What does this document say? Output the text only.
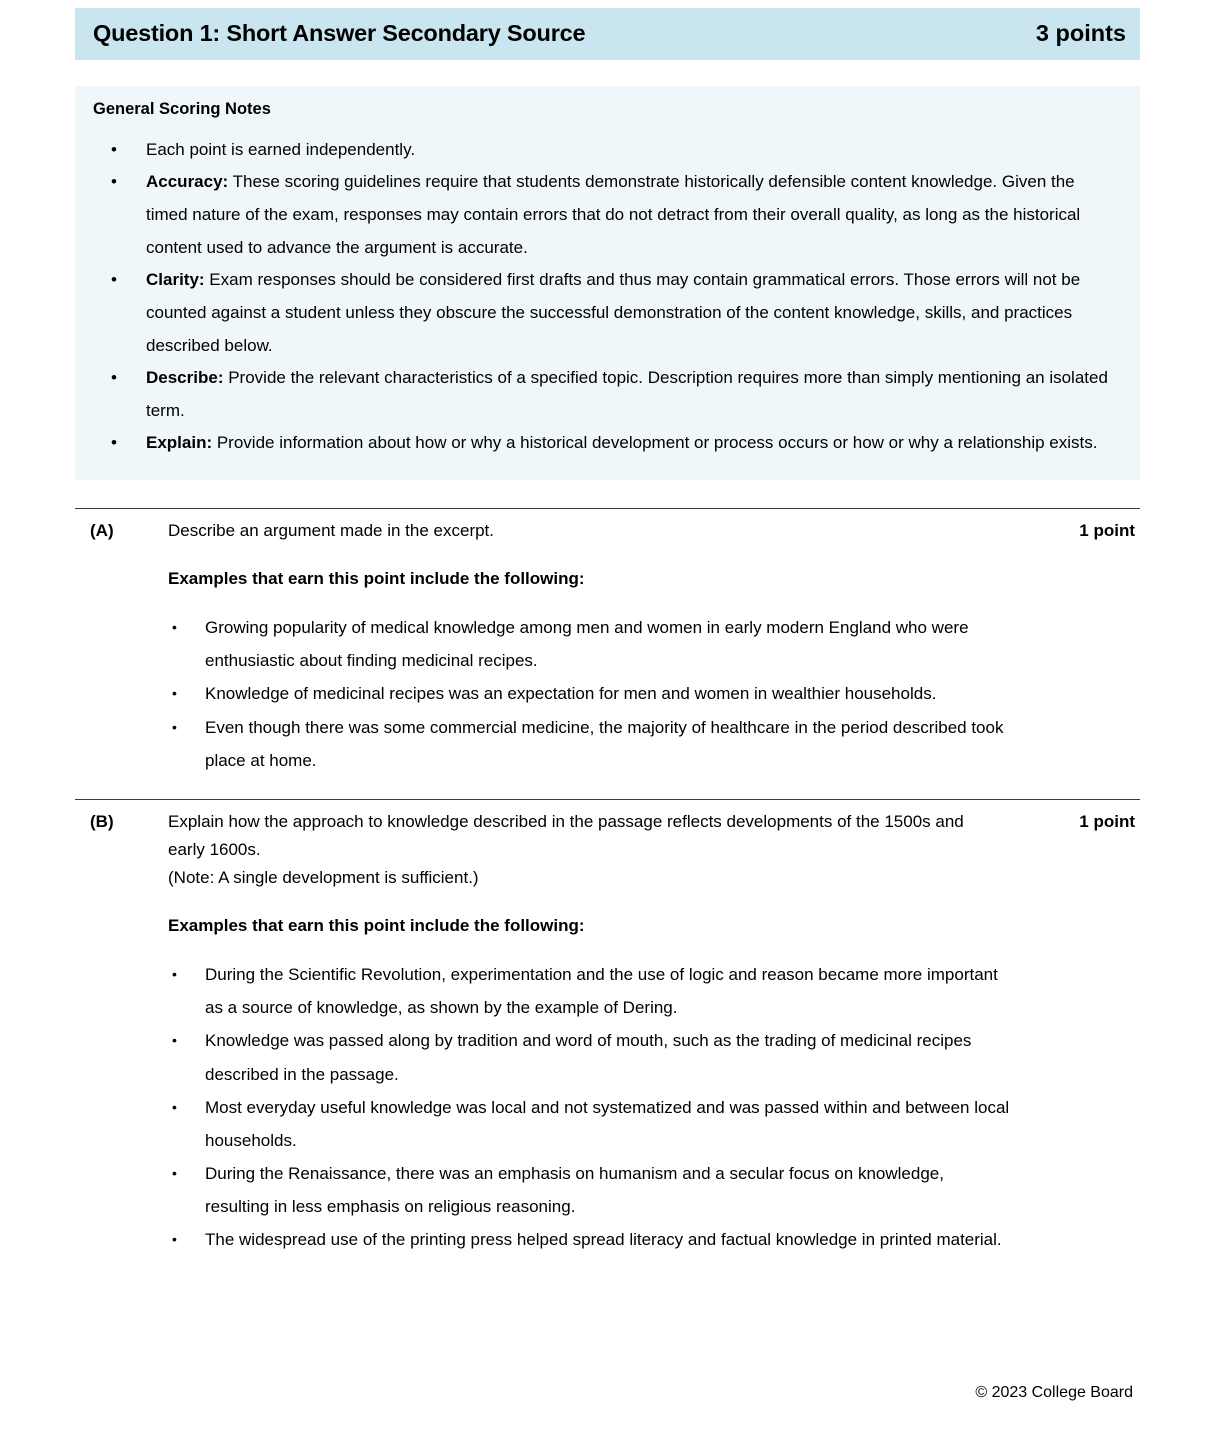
Question 1: Short Answer Secondary Source	3 points
General Scoring Notes
• Each point is earned independently.
• Accuracy: These scoring guidelines require that students demonstrate historically defensible content knowledge. Given the timed nature of the exam, responses may contain errors that do not detract from their overall quality, as long as the historical content used to advance the argument is accurate.
• Clarity: Exam responses should be considered first drafts and thus may contain grammatical errors. Those errors will not be counted against a student unless they obscure the successful demonstration of the content knowledge, skills, and practices described below.
• Describe: Provide the relevant characteristics of a specified topic. Description requires more than simply mentioning an isolated term.
• Explain: Provide information about how or why a historical development or process occurs or how or why a relationship exists.
(A)	1 point
Describe an argument made in the excerpt.
Examples that earn this point include the following:
• Growing popularity of medical knowledge among men and women in early modern England who were enthusiastic about finding medicinal recipes.
• Knowledge of medicinal recipes was an expectation for men and women in wealthier households.
• Even though there was some commercial medicine, the majority of healthcare in the period described took place at home.
(B)	1 point
Explain how the approach to knowledge described in the passage reflects developments of the 1500s and early 1600s.
(Note: A single development is sufficient.)
Examples that earn this point include the following:
• During the Scientific Revolution, experimentation and the use of logic and reason became more important as a source of knowledge, as shown by the example of Dering.
• Knowledge was passed along by tradition and word of mouth, such as the trading of medicinal recipes described in the passage.
• Most everyday useful knowledge was local and not systematized and was passed within and between local households.
• During the Renaissance, there was an emphasis on humanism and a secular focus on knowledge, resulting in less emphasis on religious reasoning.
• The widespread use of the printing press helped spread literacy and factual knowledge in printed material.
© 2023 College Board
